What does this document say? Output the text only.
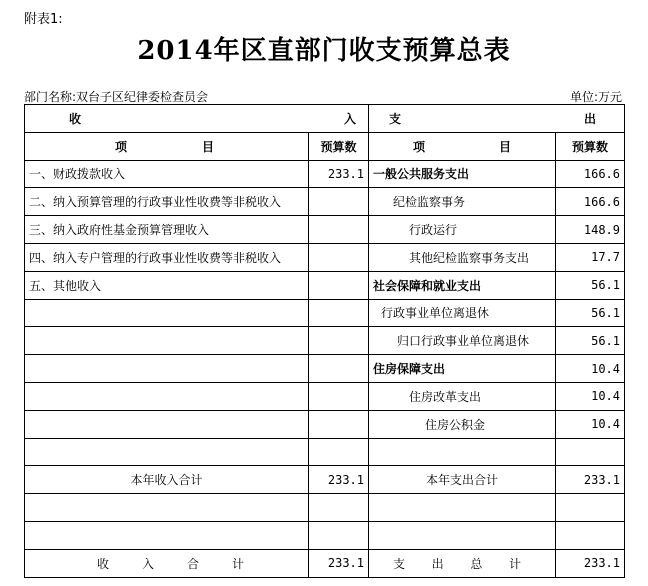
附表1:
2014年区直部门收支预算总表
部门名称:双台子区纪律委检查员会	单位:万元
收 入		支 出	

项 目	预算数	项 目	预算数
一、财政拨款收入	233.1	一般公共服务支出	166.6
二、纳入预算管理的行政事业性收费等非税收入		纪检监察事务	166.6
三、纳入政府性基金预算管理收入		行政运行	148.9
四、纳入专户管理的行政事业性收费等非税收入		其他纪检监察事务支出	17.7
五、其他收入		社会保障和就业支出	56.1
		行政事业单位离退休	56.1
		归口行政事业单位离退休	56.1
		住房保障支出	10.4
		住房改革支出	10.4
		住房公积金	10.4

本年收入合计	233.1	本年支出合计	233.1

收 入 合 计	233.1	支 出 总 计	233.1
